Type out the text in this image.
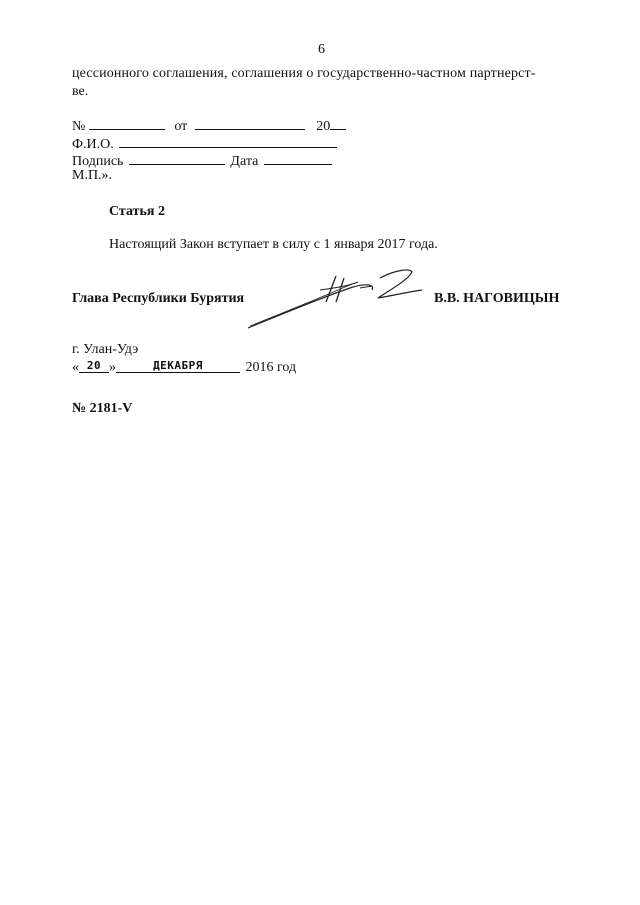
6
цессионного соглашения, соглашения о государственно-частном партнерст-
ве.
№	от	20
Ф.И.О.
Подпись	Дата
М.П.».
Статья 2
Настоящий Закон вступает в силу с 1 января 2017 года.
Глава Республики Бурятия	В.В. НАГОВИЦЫН
г. Улан-Удэ
« 20 »	ДЕКАБРЯ	2016 год
№ 2181-V
